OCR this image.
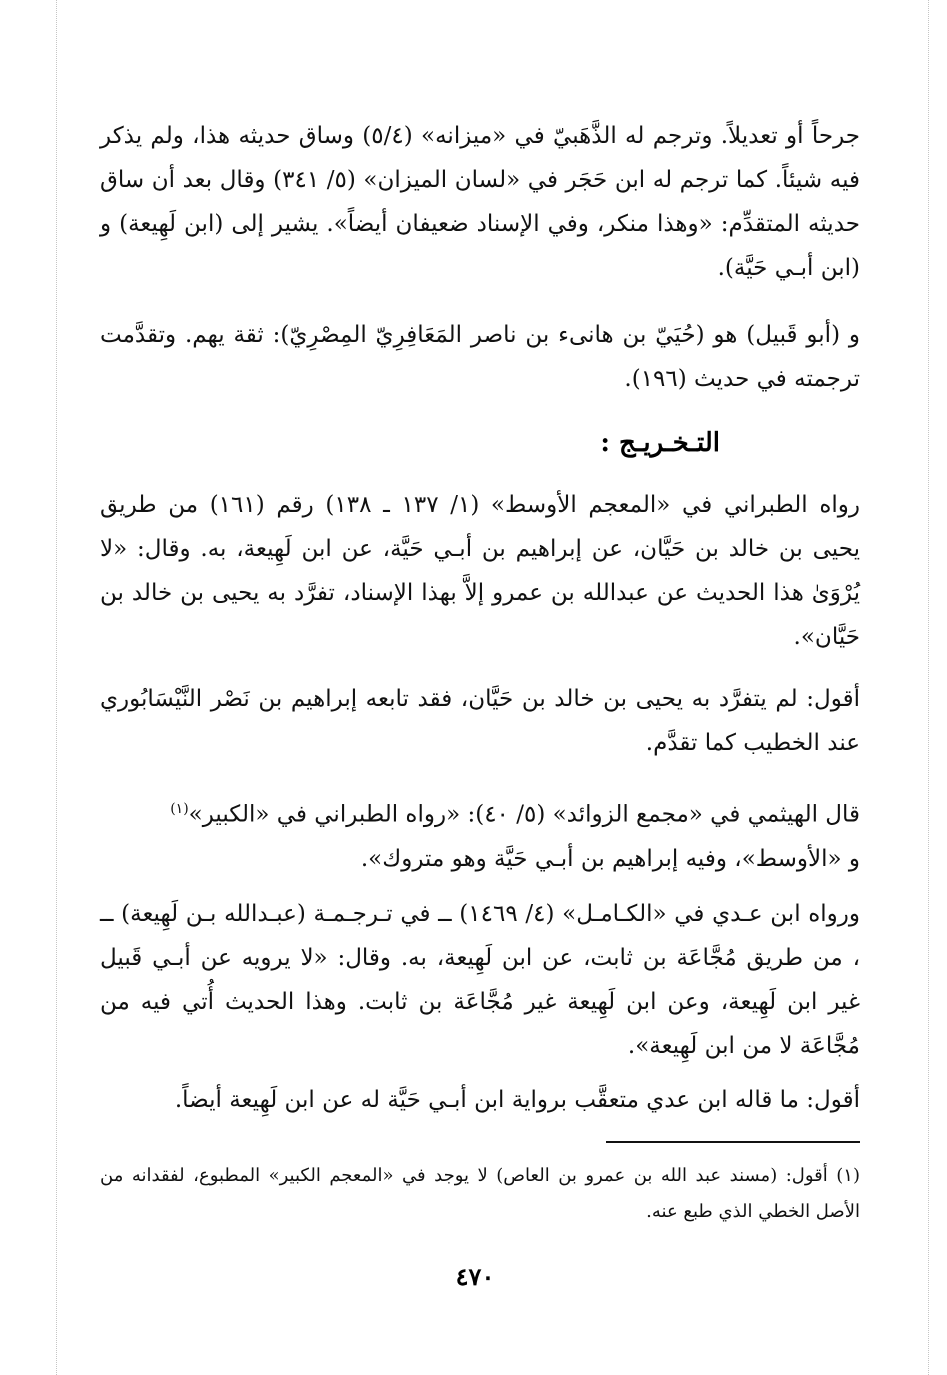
جرحاً أو تعديلاً. وترجم له الذَّهَبيّ في «ميزانه» (٥/٤) وساق حديثه هذا، ولم يذكر فيه شيئاً. كما ترجم له ابن حَجَر في «لسان الميزان» (٥/ ٣٤١) وقال بعد أن ساق حديثه المتقدِّم: «وهذا منكر، وفي الإسناد ضعيفان أيضاً». يشير إلى (ابن لَهِيعة) و (ابن أبـي حَيَّة).

و (أبو قَبيل) هو (حُيَيّ بن هانىء بن ناصر المَعَافِرِيّ المِصْرِيّ): ثقة يهم. وتقدَّمت ترجمته في حديث (١٩٦).

التـخـريـج :

رواه الطبراني في «المعجم الأوسط» (١/ ١٣٧ ـ ١٣٨) رقم (١٦١) من طريق يحيى بن خالد بن حَيَّان، عن إبراهيم بن أبـي حَيَّة، عن ابن لَهِيعة، به. وقال: «لا يُرْوَىٰ هذا الحديث عن عبدالله بن عمرو إلاَّ بهذا الإسناد، تفرَّد به يحيى بن خالد بن حَيَّان».

أقول: لم يتفرَّد به يحيى بن خالد بن حَيَّان، فقد تابعه إبراهيم بن نَصْر النَّيْسَابُوري عند الخطيب كما تقدَّم.

قال الهيثمي في «مجمع الزوائد» (٥/ ٤٠): «رواه الطبراني في «الكبير»$^{(١)}$
و «الأوسط»، وفيه إبراهيم بن أبـي حَيَّة وهو متروك».

ورواه ابن عـدي في «الكـامـل» (٤/ ١٤٦٩) ــ في تـرجـمـة (عبـدالله بـن لَهِيعة) ــ ، من طريق مُجَّاعَة بن ثابت، عن ابن لَهِيعة، به. وقال: «لا يرويه عن أبـي قَبيل غير ابن لَهِيعة، وعن ابن لَهِيعة غير مُجَّاعَة بن ثابت. وهذا الحديث أُتي فيه من مُجَّاعَة لا من ابن لَهِيعة».

أقول: ما قاله ابن عدي متعقَّب برواية ابن أبـي حَيَّة له عن ابن لَهِيعة أيضاً.

(١) أقول: (مسند عبد الله بن عمرو بن العاص) لا يوجد في «المعجم الكبير» المطبوع، لفقدانه من الأصل الخطي الذي طبع عنه.
٤٧٠
